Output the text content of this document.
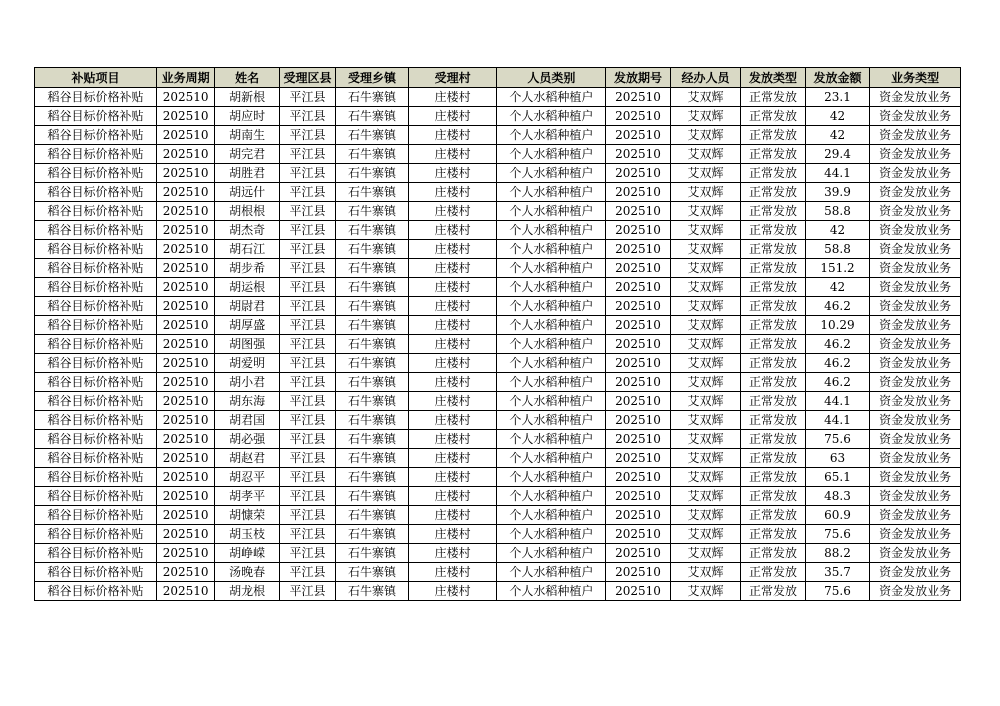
补贴项目	业务周期	姓名	受理区县	受理乡镇	受理村	人员类别	发放期号	经办人员	发放类型	发放金额	业务类型
稻谷目标价格补贴	202510	胡新根	平江县	石牛寨镇	庄楼村	个人水稻种植户	202510	艾双辉	正常发放	23.1	资金发放业务
稻谷目标价格补贴	202510	胡应时	平江县	石牛寨镇	庄楼村	个人水稻种植户	202510	艾双辉	正常发放	42	资金发放业务
稻谷目标价格补贴	202510	胡南生	平江县	石牛寨镇	庄楼村	个人水稻种植户	202510	艾双辉	正常发放	42	资金发放业务
稻谷目标价格补贴	202510	胡完君	平江县	石牛寨镇	庄楼村	个人水稻种植户	202510	艾双辉	正常发放	29.4	资金发放业务
稻谷目标价格补贴	202510	胡胜君	平江县	石牛寨镇	庄楼村	个人水稻种植户	202510	艾双辉	正常发放	44.1	资金发放业务
稻谷目标价格补贴	202510	胡远什	平江县	石牛寨镇	庄楼村	个人水稻种植户	202510	艾双辉	正常发放	39.9	资金发放业务
稻谷目标价格补贴	202510	胡根根	平江县	石牛寨镇	庄楼村	个人水稻种植户	202510	艾双辉	正常发放	58.8	资金发放业务
稻谷目标价格补贴	202510	胡杰奇	平江县	石牛寨镇	庄楼村	个人水稻种植户	202510	艾双辉	正常发放	42	资金发放业务
稻谷目标价格补贴	202510	胡石江	平江县	石牛寨镇	庄楼村	个人水稻种植户	202510	艾双辉	正常发放	58.8	资金发放业务
稻谷目标价格补贴	202510	胡步希	平江县	石牛寨镇	庄楼村	个人水稻种植户	202510	艾双辉	正常发放	151.2	资金发放业务
稻谷目标价格补贴	202510	胡运根	平江县	石牛寨镇	庄楼村	个人水稻种植户	202510	艾双辉	正常发放	42	资金发放业务
稻谷目标价格补贴	202510	胡尉君	平江县	石牛寨镇	庄楼村	个人水稻种植户	202510	艾双辉	正常发放	46.2	资金发放业务
稻谷目标价格补贴	202510	胡厚盛	平江县	石牛寨镇	庄楼村	个人水稻种植户	202510	艾双辉	正常发放	10.29	资金发放业务
稻谷目标价格补贴	202510	胡图强	平江县	石牛寨镇	庄楼村	个人水稻种植户	202510	艾双辉	正常发放	46.2	资金发放业务
稻谷目标价格补贴	202510	胡爱明	平江县	石牛寨镇	庄楼村	个人水稻种植户	202510	艾双辉	正常发放	46.2	资金发放业务
稻谷目标价格补贴	202510	胡小君	平江县	石牛寨镇	庄楼村	个人水稻种植户	202510	艾双辉	正常发放	46.2	资金发放业务
稻谷目标价格补贴	202510	胡东海	平江县	石牛寨镇	庄楼村	个人水稻种植户	202510	艾双辉	正常发放	44.1	资金发放业务
稻谷目标价格补贴	202510	胡君国	平江县	石牛寨镇	庄楼村	个人水稻种植户	202510	艾双辉	正常发放	44.1	资金发放业务
稻谷目标价格补贴	202510	胡必强	平江县	石牛寨镇	庄楼村	个人水稻种植户	202510	艾双辉	正常发放	75.6	资金发放业务
稻谷目标价格补贴	202510	胡赵君	平江县	石牛寨镇	庄楼村	个人水稻种植户	202510	艾双辉	正常发放	63	资金发放业务
稻谷目标价格补贴	202510	胡忍平	平江县	石牛寨镇	庄楼村	个人水稻种植户	202510	艾双辉	正常发放	65.1	资金发放业务
稻谷目标价格补贴	202510	胡孝平	平江县	石牛寨镇	庄楼村	个人水稻种植户	202510	艾双辉	正常发放	48.3	资金发放业务
稻谷目标价格补贴	202510	胡慷荣	平江县	石牛寨镇	庄楼村	个人水稻种植户	202510	艾双辉	正常发放	60.9	资金发放业务
稻谷目标价格补贴	202510	胡玉枝	平江县	石牛寨镇	庄楼村	个人水稻种植户	202510	艾双辉	正常发放	75.6	资金发放业务
稻谷目标价格补贴	202510	胡峥嵘	平江县	石牛寨镇	庄楼村	个人水稻种植户	202510	艾双辉	正常发放	88.2	资金发放业务
稻谷目标价格补贴	202510	汤晚春	平江县	石牛寨镇	庄楼村	个人水稻种植户	202510	艾双辉	正常发放	35.7	资金发放业务
稻谷目标价格补贴	202510	胡龙根	平江县	石牛寨镇	庄楼村	个人水稻种植户	202510	艾双辉	正常发放	75.6	资金发放业务
